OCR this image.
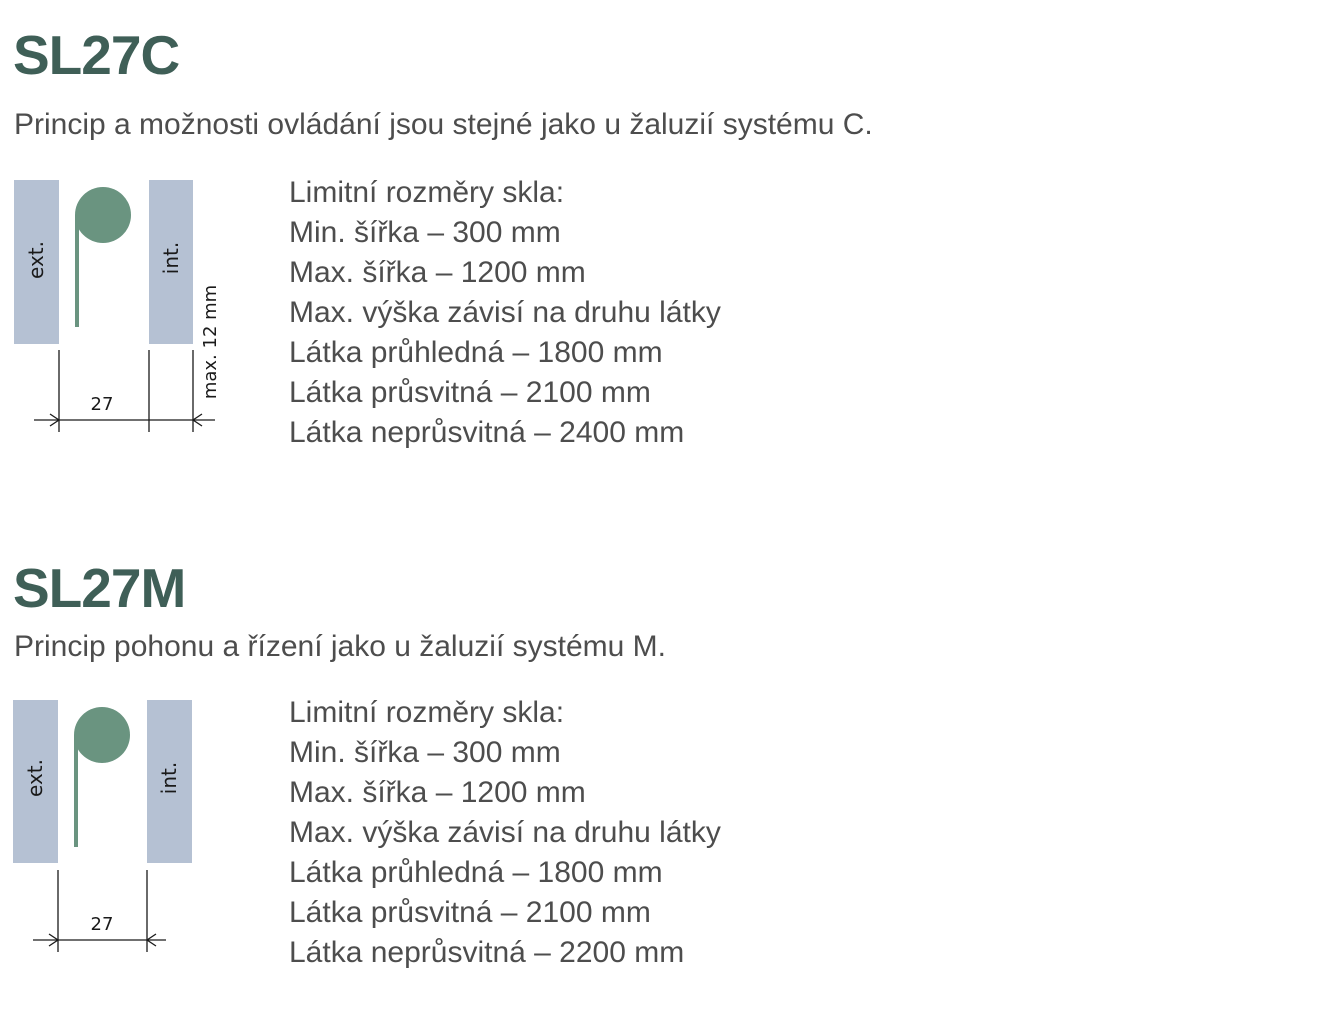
SL27C

Princip a možnosti ovládání jsou stejné jako u žaluzií systému C.

ext.	int.
27
max. 12 mm
Limitní rozměry skla:
Min. šířka – 300 mm
Max. šířka – 1200 mm
Max. výška závisí na druhu látky
Látka průhledná – 1800 mm
Látka průsvitná – 2100 mm
Látka neprůsvitná – 2400 mm
SL27M

Princip pohonu a řízení jako u žaluzií systému M.

ext.	int.
27
Limitní rozměry skla:
Min. šířka – 300 mm
Max. šířka – 1200 mm
Max. výška závisí na druhu látky
Látka průhledná – 1800 mm
Látka průsvitná – 2100 mm
Látka neprůsvitná – 2200 mm
